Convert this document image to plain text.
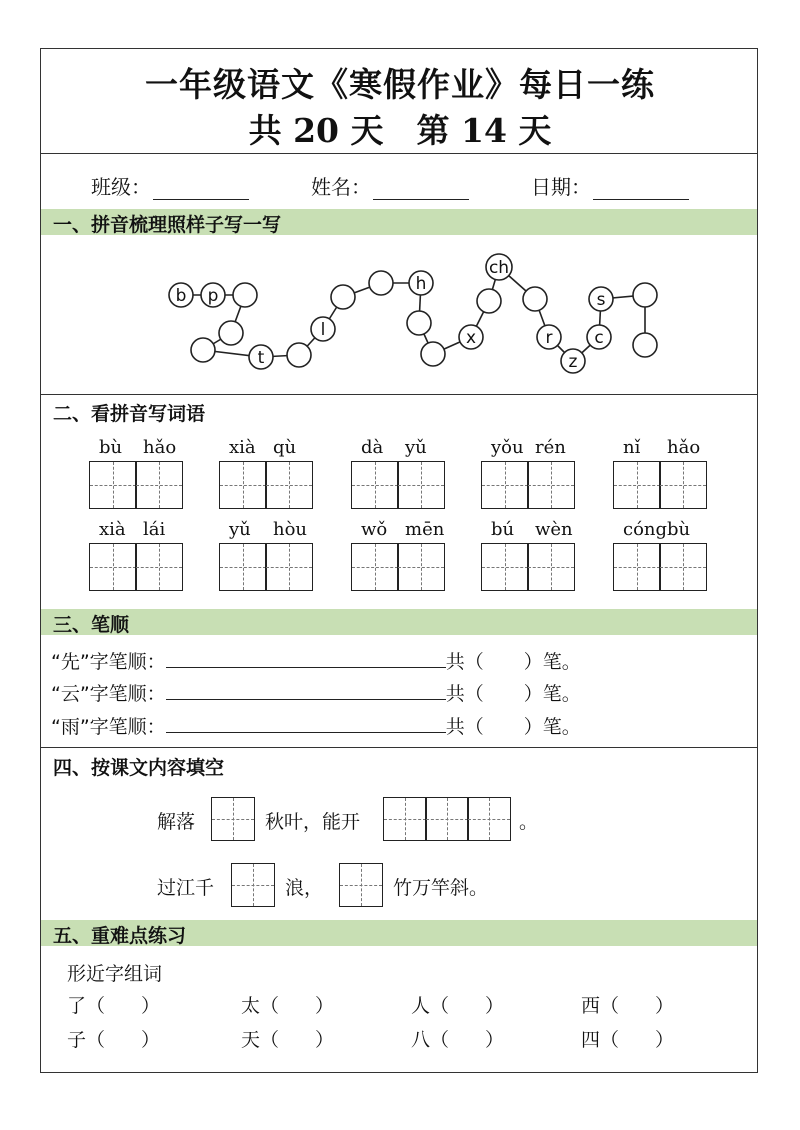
一年级语文《寒假作业》每日一练
共 20 天　第 14 天
班级：	姓名：	日期：
一、拼音梳理照样子写一写
b p
t
l
h
ch
x	r
z
c
s
二、看拼音写词语
bù hǎo	xià qù	dà yǔ	yǒu rén	nǐ hǎo
xià lái	yǔ hòu	wǒ mēn	bú wèn	cóng bù
三、笔顺
“先”字笔顺：	共（ ）笔。
“云”字笔顺：	共（ ）笔。
“雨”字笔顺：	共（ ）笔。
四、按课文内容填空
解落	秋叶，能开	。
过江千	浪，	竹万竿斜。
五、重难点练习
形近字组词
了（ ）	太（ ）	人（ ）	西（ ）
子（ ）	天（ ）	八（ ）	四（ ）
